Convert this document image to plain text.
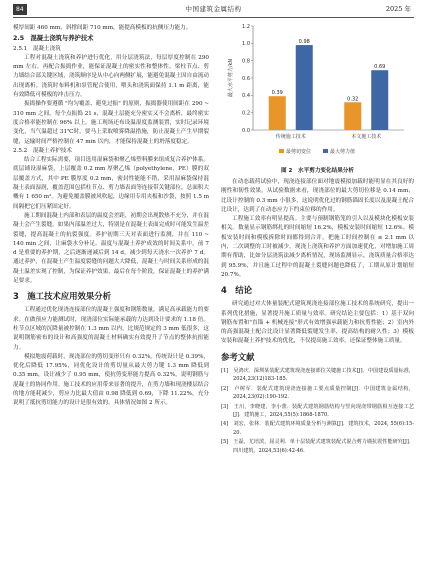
84	中国建筑金属结构	2025 年

模厚间距 460 mm，斜撑间距 710 mm，能提高模板的抗侧压力能力。

2.5　混凝土浇筑与养护技术
2.5.1　混凝土浇筑

工程对混凝土浇筑和养护进行优化，用分层浇筑法，每层厚度控制在 290 mm 左右，再配合振捣作业，能保证混凝土的密实性和整体性。梁柱节点、剪力墙结合部关键区域，浇筑顺序是从中心向两侧扩展，能避免混凝土因自由流动出现离析。浇筑时布料机和泵管配合使用，喂头和浇筑面保持 1.1 m 距离，能有效降低可模板的冲击压力。

振捣操作要遵循 "均匀覆盖、避免过振" 的原则，振捣器使用间距在 290 ~ 310 mm 之间，每个点振捣 21 s，混凝土层能充分密实又不会离析，最终密实度合格率能控制在 96% 以上。施工现场还布设温湿度监测装置，实时记录环境变化，当气温超过 31℃时，要马上采取喷雾降温措施，防止混凝土产生早期裂缝，运输时间严格控制在 47 min 以内，才能保持混凝土的坍落度稳定。

2.5.2　混凝土养护技术

结合工程实际需要，项目选用湿麻袋和聚乙烯塑料膜来组成复合养护体系。底层铺设湿麻袋，上层覆盖 0.2 mm 厚聚乙烯（polyethylene，PE）膜的双层覆盖方式，其中 PE 膜厚度 0.2 mm，密封性能能不错，采用湿麻袋保持混凝土表面湿润，覆盖范围包括柱节点、剪力墙表面等连接带关键部位，总面积大概有 1 650 m²。为避免覆盖膜被风吹起，边缘用专用夹板和沙袋，按照 1.5 m 间隔把它们压紧固定好。

施工期间混凝土内部和表层的温度会差距，初期会出现散热不充分，并在混凝土会产生裂缝。如果内部温差过大，特别是在混凝土表面完成时可能发生温差裂缝，提高混凝土的抗裂强度。养护初期三天对表面进行监测，并在 110 ~ 140 min 之间，让麻袋水分补足。温度与混凝土养护成效的时间关系中，前 7 d 是重要的养护期，之后逐渐递减后到 14 d，减少到每天浇水一次养护 7 d。通过养护，在混凝土产生温度裂缝的问题大大降低，混凝土与时间关系形成的混凝土温差实现了控制，为保证养护效果，最后在每个阶段，保证混凝土的养护满足要求。

3　施工技术应用效果分析

工程通过优化现浇连接部位的混凝土强度和钢筋数量，满足高承载能力的要求。在做预应力能测试时，现浇部位实际能承载的力达到设计要求的 1.18 倍。柱节点区域的沉降量被控制在 1.3 mm 以内，比规范规定的 3 mm 低很多，这说明钢筋密布的设计和高强度的混凝土材料确实有效提升了节点的整体抗扭能力。

模拟地震荷载时，现浇部位的剪切变形只有 0.32%，传统设计是 0.39%，优化后降低 17.95%，同优化设计的剪切量从最大剪力键 1.3 mm 降低到 0.35 mm，设计减少了 0.95 mm，使抗剪变形能力提高 0.32%，说明钢筋与混凝土的协同作用。施工技术的应用带来显著的提升，在剪力墙和现浇楼层结合的地方能耗减少，剪应力比最大值由 0.98 降低到 0.69，下降 11.22%，充分说明了抵抗剪切能力的设计是很有效的。具体情况如图 2 所示。

0.0
0.2
0.4
0.6
0.8
1.0
1.2
最大水平剪力/kN	0.39
0.98
传统施工技术
0.32
0.69
本文施工技术
最剪切变位	最大剪力值
图 2　水平剪力变化结果分析

在动态载荷试验中，现浇连接部位面对地震模拟加载时能明显在其良好的刚性和韧性效果。从试验数据来看，现浇部位的最大剪切位移是 0.14 mm，比设计控制的 0.3 mm 小很多，这说明优化过的钢筋锚固长度以及混凝土配合比设计，达到了在动态应力下约束位移的作用。

工程施工效率有明显提高。主要与预制钢筋笼的引入以及模块化模板安装相关。数量显示钢筋绑扎的时间缩短 16.2%，模板安装时间缩短 12.6%。模板安装时间和模板拆除时间都得到合并，把施工时间控制在 ≤ 2.1 mm 以内，二次调整的工时被减少，现浇上浇筑和养护方面加速优化，对增加施工周期有帮助，比如分层浇筑法减少离析情况，现场监测显示，浇筑质量合格率达到 95.9%，并且施工过程中的混凝土裂缝问题也降低了，工期从原计划缩短 20.7%。

4　结论

研究通过对大体量装配式建筑现浇连接部位施工技术的系统研究，提出一系列优化措施，显著提升施工质量与效率。研究结论主要包括：1）基于双向钢筋布置和"直锚 + 机械连接"形式有效增强承载能力和抗剪性能；2）室内外的高强混凝土配合比设计显著降低裂缝发生率，提高结构的耐久性；3）模板安装和混凝土养护技术的优化，不仅提高施工效率，还保证整体施工质量。

参考文献

[1]　吴鸿庆．深圳某装配式建筑现浇连接部位关键施工技术[J]．中国建设质量标准，2024,23(12)183-185.

[2]　卢树军．装配式建筑现浇连接施工要点质量控制[J]．中国建筑金属结构，2024,23(02):190-192.

[3]　王川，李晓建，李小蕾．装配式建筑钢筋结构与竖向现浇带钢筋相互连接工艺[J]．建筑施工，2024,55(5):1868-1870.

[4]　刘宏，张林．装配式建筑环境质量分析与测算[J]．建筑技术，2024, 55(6):15-20.

[5]　王磊，尤培滨，屈灵利．单十层装配式建筑装配式混合剪力墙抗震性能研究[J]．四川建筑，2024,53(6):42-46.
